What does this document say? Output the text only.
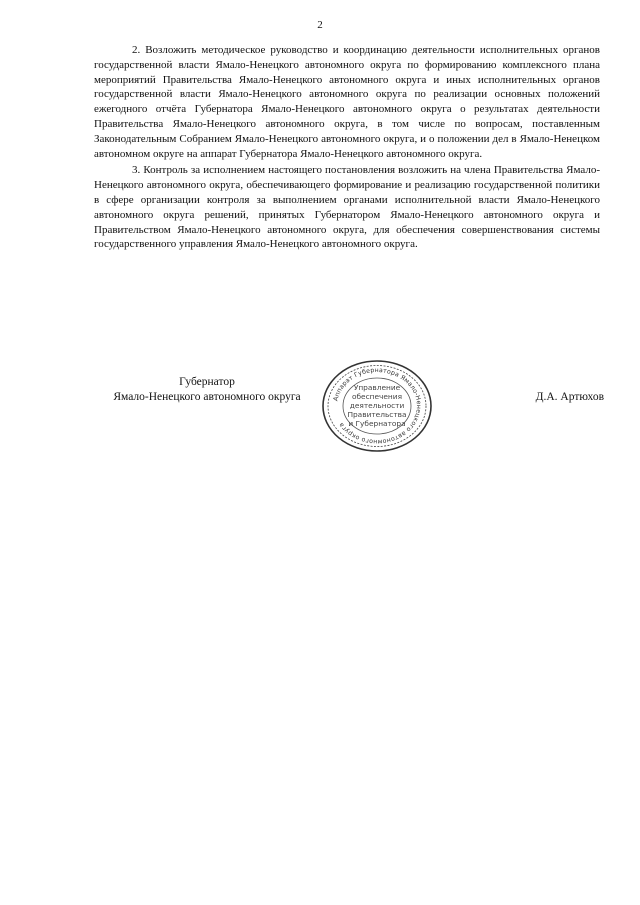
2

2. Возложить методическое руководство и координацию деятельности исполнительных органов государственной власти Ямало-Ненецкого автономного округа по формированию комплексного плана мероприятий Правительства Ямало-Ненецкого автономного округа и иных исполнительных органов государственной власти Ямало-Ненецкого автономного округа по реализации основных положений ежегодного отчёта Губернатора Ямало-Ненецкого автономного округа о результатах деятельности Правительства Ямало-Ненецкого автономного округа, в том числе по вопросам, поставленным Законодательным Собранием Ямало-Ненецкого автономного округа, и о положении дел в Ямало-Ненецком автономном округе на аппарат Губернатора Ямало-Ненецкого автономного округа.

3. Контроль за исполнением настоящего постановления возложить на члена Правительства Ямало-Ненецкого автономного округа, обеспечивающего формирование и реализацию государственной политики в сфере организации контроля за выполнением органами исполнительной власти Ямало-Ненецкого автономного округа решений, принятых Губернатором Ямало-Ненецкого автономного округа и Правительством Ямало-Ненецкого автономного округа, для обеспечения совершенствования системы государственного управления Ямало-Ненецкого автономного округа.

Губернатор
Ямало-Ненецкого автономного округа	Аппарат Губернатора Ямало-Ненецкого автономного округа
Управление
обеспечения
деятельности
Правительства
и Губернатора
Д.А. Артюхов
